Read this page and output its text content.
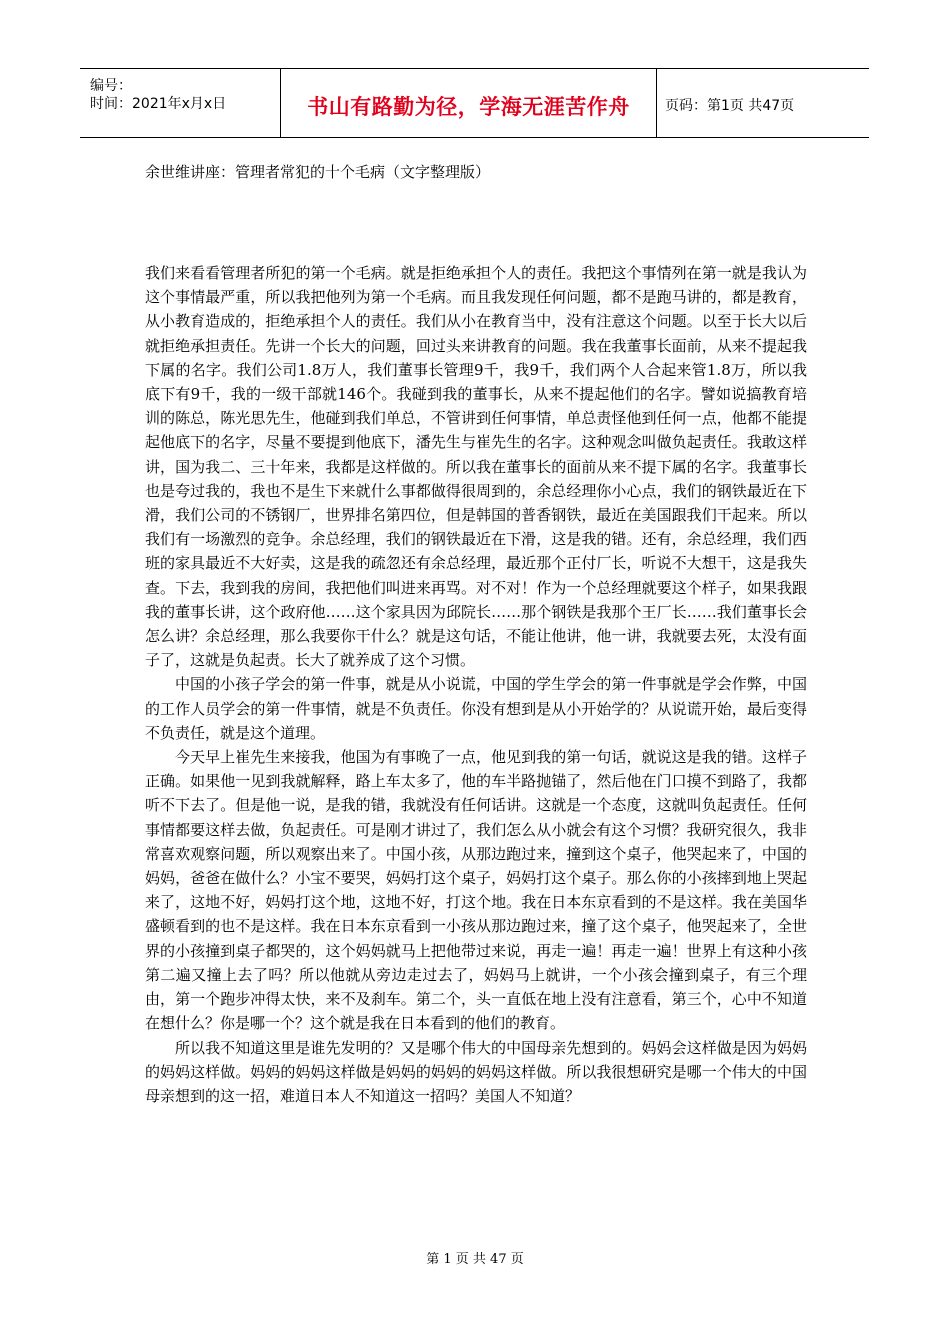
编号：
时间：2021年x月x日	书山有路勤为径，学海无涯苦作舟	页码：第1页 共47页
余世维讲座：管理者常犯的十个毛病（文字整理版）

我们来看看管理者所犯的第一个毛病。就是拒绝承担个人的责任。我把这个事情列在第一就是我认为这个事情最严重，所以我把他列为第一个毛病。而且我发现任何问题，都不是跑马讲的，都是教育，从小教育造成的，拒绝承担个人的责任。我们从小在教育当中，没有注意这个问题。以至于长大以后就拒绝承担责任。先讲一个长大的问题，回过头来讲教育的问题。我在我董事长面前，从来不提起我下属的名字。我们公司1.8万人，我们董事长管理9千，我9千，我们两个人合起来管1.8万，所以我底下有9千，我的一级干部就146个。我碰到我的董事长，从来不提起他们的名字。譬如说搞教育培训的陈总，陈光思先生，他碰到我们单总，不管讲到任何事情，单总责怪他到任何一点，他都不能提起他底下的名字，尽量不要提到他底下，潘先生与崔先生的名字。这种观念叫做负起责任。我敢这样讲，国为我二、三十年来，我都是这样做的。所以我在董事长的面前从来不提下属的名字。我董事长也是夸过我的，我也不是生下来就什么事都做得很周到的，余总经理你小心点，我们的钢铁最近在下滑，我们公司的不锈钢厂，世界排名第四位，但是韩国的普香钢铁，最近在美国跟我们干起来。所以我们有一场激烈的竞争。余总经理，我们的钢铁最近在下滑，这是我的错。还有，余总经理，我们西班的家具最近不大好卖，这是我的疏忽还有余总经理，最近那个正付厂长，听说不大想干，这是我失查。下去，我到我的房间，我把他们叫进来再骂。对不对！作为一个总经理就要这个样子，如果我跟我的董事长讲，这个政府他……这个家具因为邱院长……那个钢铁是我那个王厂长……我们董事长会怎么讲？余总经理，那么我要你干什么？就是这句话，不能让他讲，他一讲，我就要去死，太没有面子了，这就是负起责。长大了就养成了这个习惯。

中国的小孩子学会的第一件事，就是从小说谎，中国的学生学会的第一件事就是学会作弊，中国的工作人员学会的第一件事情，就是不负责任。你没有想到是从小开始学的？从说谎开始，最后变得不负责任，就是这个道理。

今天早上崔先生来接我，他国为有事晚了一点，他见到我的第一句话，就说这是我的错。这样子正确。如果他一见到我就解释，路上车太多了，他的车半路抛锚了，然后他在门口摸不到路了，我都听不下去了。但是他一说，是我的错，我就没有任何话讲。这就是一个态度，这就叫负起责任。任何事情都要这样去做，负起责任。可是刚才讲过了，我们怎么从小就会有这个习惯？我研究很久，我非常喜欢观察问题，所以观察出来了。中国小孩，从那边跑过来，撞到这个桌子，他哭起来了，中国的妈妈，爸爸在做什么？小宝不要哭，妈妈打这个桌子，妈妈打这个桌子。那么你的小孩摔到地上哭起来了，这地不好，妈妈打这个地，这地不好，打这个地。我在日本东京看到的不是这样。我在美国华盛顿看到的也不是这样。我在日本东京看到一小孩从那边跑过来，撞了这个桌子，他哭起来了，全世界的小孩撞到桌子都哭的，这个妈妈就马上把他带过来说，再走一遍！再走一遍！世界上有这种小孩第二遍又撞上去了吗？所以他就从旁边走过去了，妈妈马上就讲，一个小孩会撞到桌子，有三个理由，第一个跑步冲得太快，来不及刹车。第二个，头一直低在地上没有注意看，第三个，心中不知道在想什么？你是哪一个？这个就是我在日本看到的他们的教育。

所以我不知道这里是谁先发明的？又是哪个伟大的中国母亲先想到的。妈妈会这样做是因为妈妈的妈妈这样做。妈妈的妈妈这样做是妈妈的妈妈的妈妈这样做。所以我很想研究是哪一个伟大的中国母亲想到的这一招，难道日本人不知道这一招吗？美国人不知道？

第 1 页 共 47 页
